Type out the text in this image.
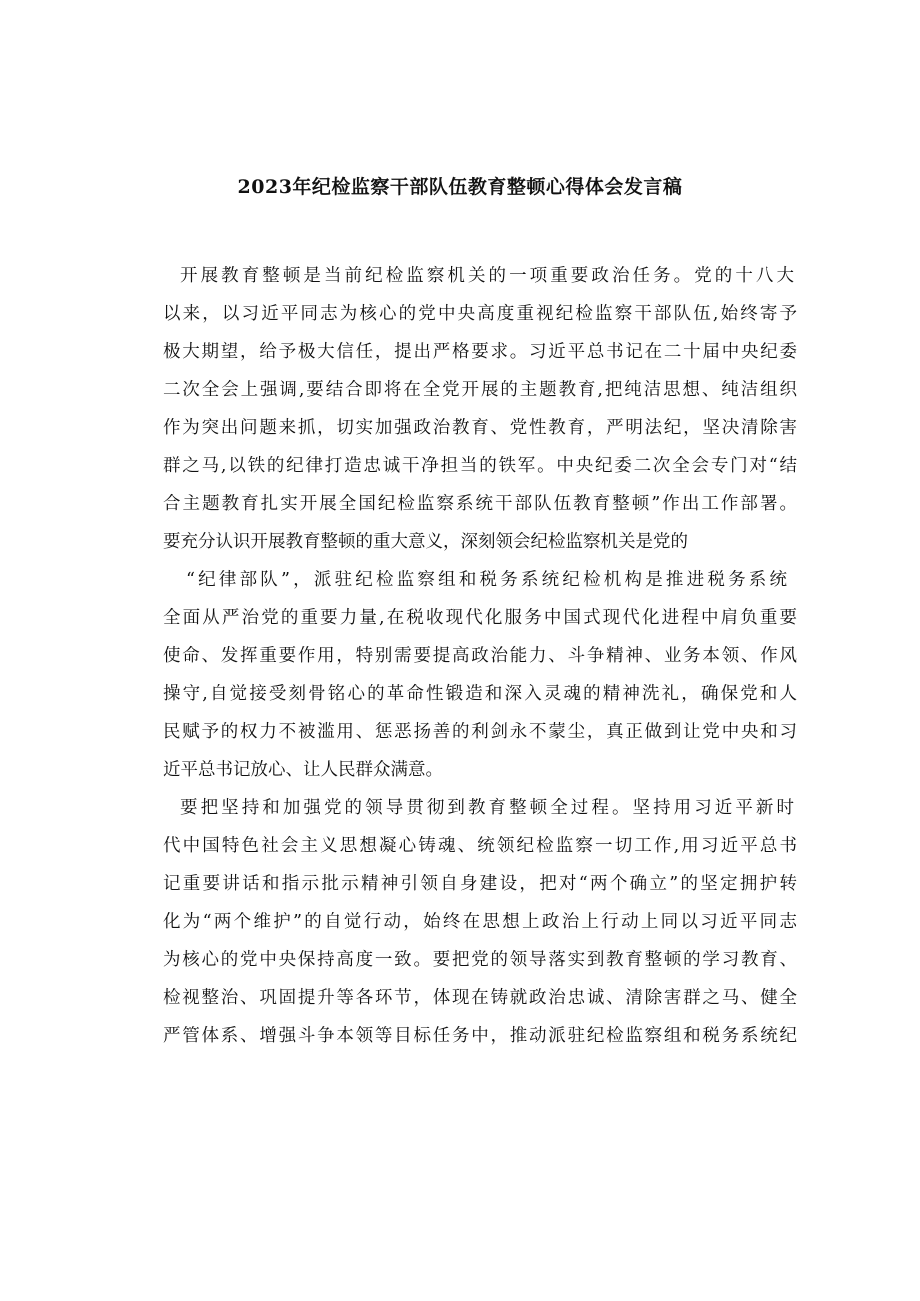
2023年纪检监察干部队伍教育整顿心得体会发言稿
开展教育整顿是当前纪检监察机关的一项重要政治任务。党的十八大
以来，以习近平同志为核心的党中央高度重视纪检监察干部队伍,始终寄予
极大期望，给予极大信任，提出严格要求。习近平总书记在二十届中央纪委
二次全会上强调,要结合即将在全党开展的主题教育,把纯洁思想、纯洁组织
作为突出问题来抓，切实加强政治教育、党性教育，严明法纪，坚决清除害
群之马,以铁的纪律打造忠诚干净担当的铁军。中央纪委二次全会专门对“结
合主题教育扎实开展全国纪检监察系统干部队伍教育整顿”作出工作部署。
要充分认识开展教育整顿的重大意义，深刻领会纪检监察机关是党的
“纪律部队”，派驻纪检监察组和税务系统纪检机构是推进税务系统
全面从严治党的重要力量,在税收现代化服务中国式现代化进程中肩负重要
使命、发挥重要作用，特别需要提高政治能力、斗争精神、业务本领、作风
操守,自觉接受刻骨铭心的革命性锻造和深入灵魂的精神洗礼，确保党和人
民赋予的权力不被滥用、惩恶扬善的利剑永不蒙尘，真正做到让党中央和习
近平总书记放心、让人民群众满意。
要把坚持和加强党的领导贯彻到教育整顿全过程。坚持用习近平新时
代中国特色社会主义思想凝心铸魂、统领纪检监察一切工作,用习近平总书
记重要讲话和指示批示精神引领自身建设，把对“两个确立”的坚定拥护转
化为“两个维护”的自觉行动，始终在思想上政治上行动上同以习近平同志
为核心的党中央保持高度一致。要把党的领导落实到教育整顿的学习教育、
检视整治、巩固提升等各环节，体现在铸就政治忠诚、清除害群之马、健全
严管体系、增强斗争本领等目标任务中，推动派驻纪检监察组和税务系统纪
